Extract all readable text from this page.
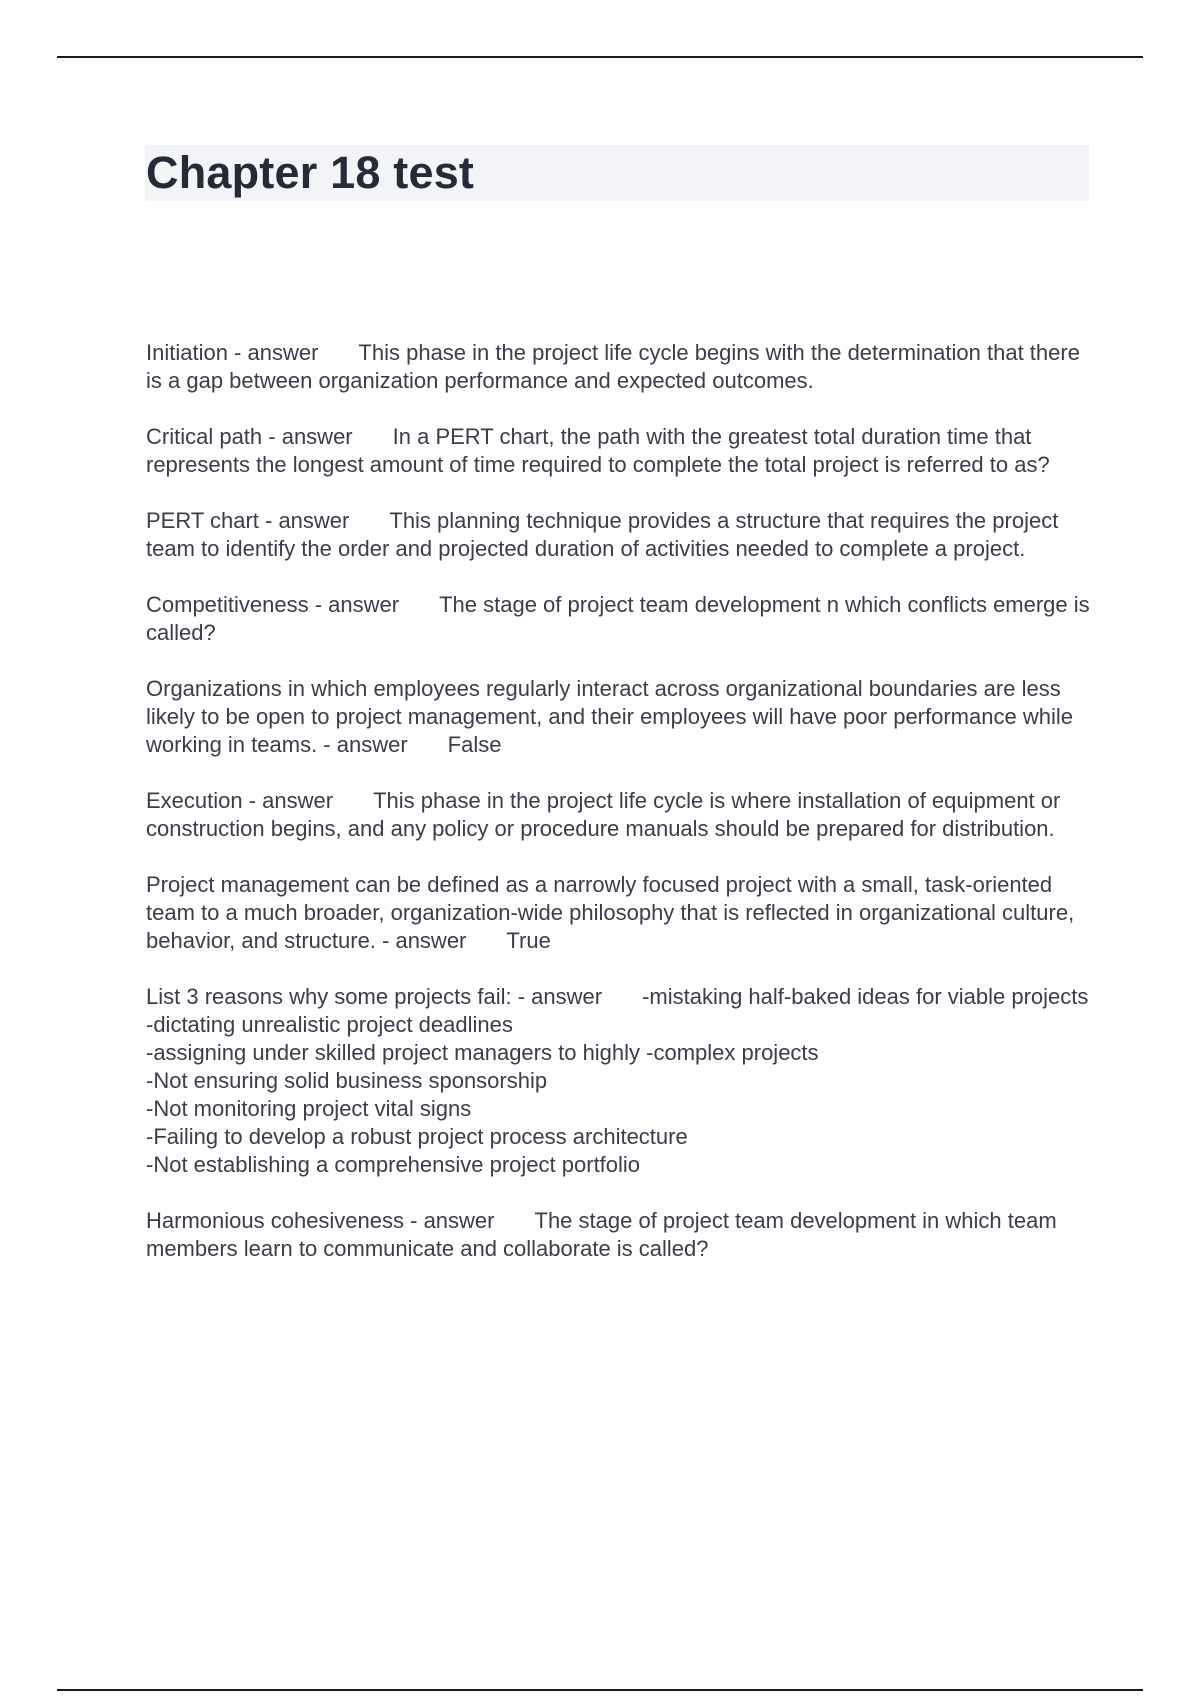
Chapter 18 test

Initiation - answer This phase in the project life cycle begins with the determination that there is a gap between organization performance and expected outcomes.

Critical path - answer In a PERT chart, the path with the greatest total duration time that represents the longest amount of time required to complete the total project is referred to as?

PERT chart - answer This planning technique provides a structure that requires the project team to identify the order and projected duration of activities needed to complete a project.

Competitiveness - answer The stage of project team development n which conflicts emerge is called?

Organizations in which employees regularly interact across organizational boundaries are less likely to be open to project management, and their employees will have poor performance while working in teams. - answer False

Execution - answer This phase in the project life cycle is where installation of equipment or construction begins, and any policy or procedure manuals should be prepared for distribution.

Project management can be defined as a narrowly focused project with a small, task-oriented team to a much broader, organization-wide philosophy that is reflected in organizational culture, behavior, and structure. - answer True

List 3 reasons why some projects fail: - answer -mistaking half-baked ideas for viable projects
-dictating unrealistic project deadlines
-assigning under skilled project managers to highly -complex projects
-Not ensuring solid business sponsorship
-Not monitoring project vital signs
-Failing to develop a robust project process architecture
-Not establishing a comprehensive project portfolio

Harmonious cohesiveness - answer The stage of project team development in which team members learn to communicate and collaborate is called?
